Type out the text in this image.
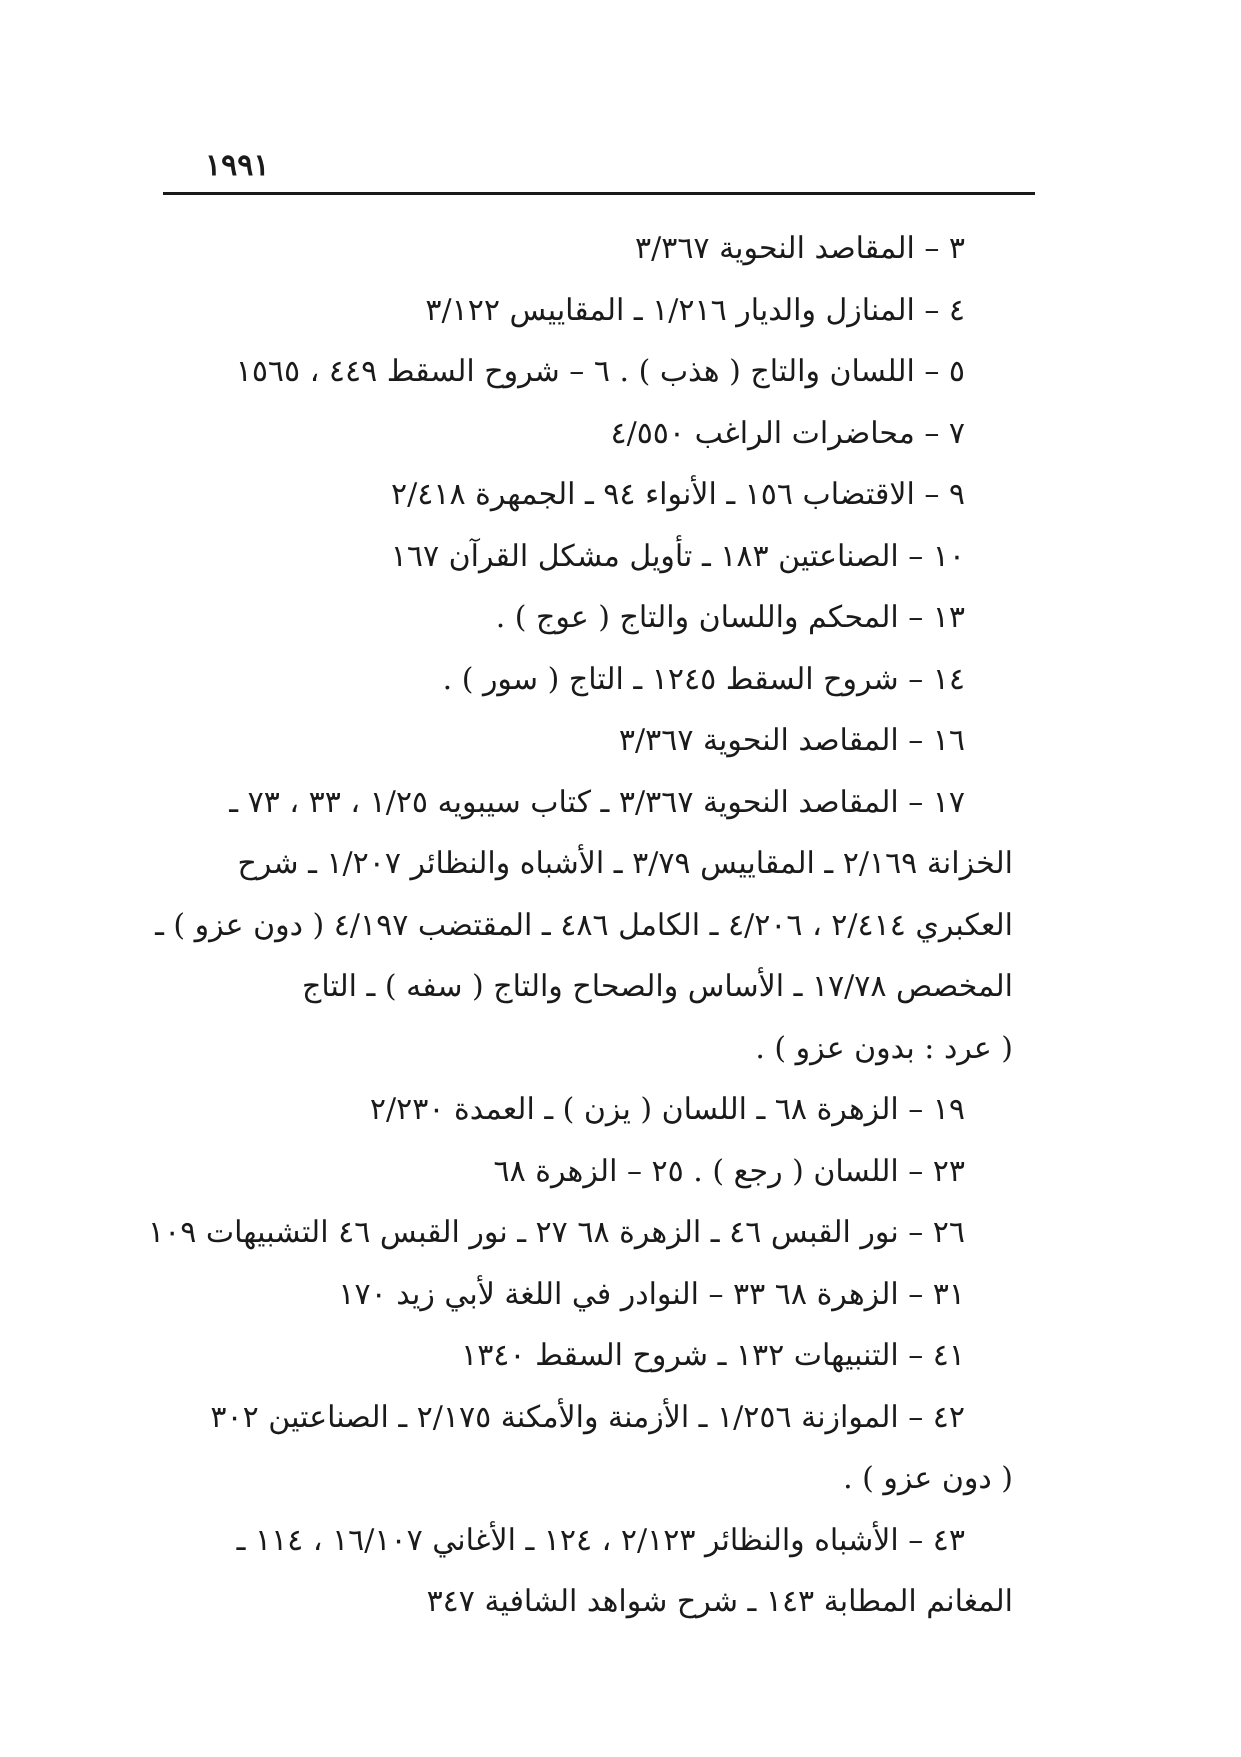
١٩٩١
٣ – المقاصد النحوية ٣/٣٦٧
٤ – المنازل والديار ١/٢١٦ ـ المقاييس ٣/١٢٢
٥ – اللسان والتاج ( هذب ) . ٦ – شروح السقط ٤٤٩ ، ١٥٦٥
٧ – محاضرات الراغب ٤/٥٥٠
٩ – الاقتضاب ١٥٦ ـ الأنواء ٩٤ ـ الجمهرة ٢/٤١٨
١٠ – الصناعتين ١٨٣ ـ تأويل مشكل القرآن ١٦٧
١٣ – المحكم واللسان والتاج ( عوج ) .
١٤ – شروح السقط ١٢٤٥ ـ التاج ( سور ) .
١٦ – المقاصد النحوية ٣/٣٦٧
١٧ – المقاصد النحوية ٣/٣٦٧ ـ كتاب سيبويه ١/٢٥ ، ٣٣ ، ٧٣ ـ
الخزانة ٢/١٦٩ ـ المقاييس ٣/٧٩ ـ الأشباه والنظائر ١/٢٠٧ ـ شرح
العكبري ٢/٤١٤ ، ٤/٢٠٦ ـ الكامل ٤٨٦ ـ المقتضب ٤/١٩٧ ( دون عزو ) ـ
المخصص ١٧/٧٨ ـ الأساس والصحاح والتاج ( سفه ) ـ التاج
( عرد : بدون عزو ) .
١٩ – الزهرة ٦٨ ـ اللسان ( يزن ) ـ العمدة ٢/٢٣٠
٢٣ – اللسان ( رجع ) . ٢٥ – الزهرة ٦٨
٢٦ – نور القبس ٤٦ ـ الزهرة ٦٨ ٢٧ ـ نور القبس ٤٦ التشبيهات ١٠٩
٣١ – الزهرة ٦٨ ٣٣ – النوادر في اللغة لأبي زيد ١٧٠
٤١ – التنبيهات ١٣٢ ـ شروح السقط ١٣٤٠
٤٢ – الموازنة ١/٢٥٦ ـ الأزمنة والأمكنة ٢/١٧٥ ـ الصناعتين ٣٠٢
( دون عزو ) .
٤٣ – الأشباه والنظائر ٢/١٢٣ ، ١٢٤ ـ الأغاني ١٦/١٠٧ ، ١١٤ ـ
المغانم المطابة ١٤٣ ـ شرح شواهد الشافية ٣٤٧
